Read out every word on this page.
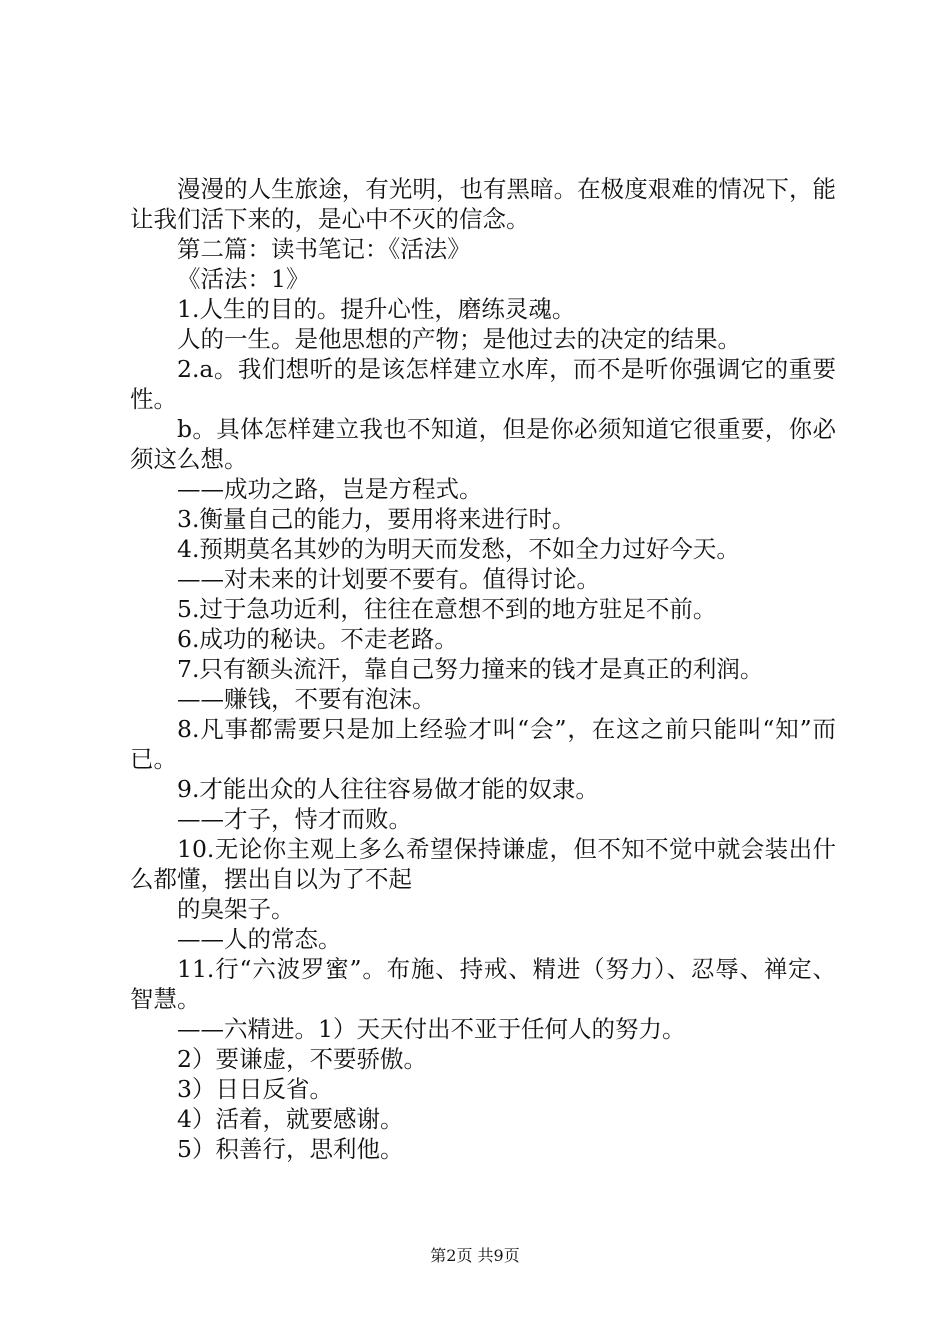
漫漫的人生旅途，有光明，也有黑暗。在极度艰难的情况下，能让我们活下来的，是心中不灭的信念。

第二篇：读书笔记：《活法》

《活法：1》

1.人生的目的。提升心性，磨练灵魂。

人的一生。是他思想的产物；是他过去的决定的结果。

2.a。我们想听的是该怎样建立水库，而不是听你强调它的重要性。

b。具体怎样建立我也不知道，但是你必须知道它很重要，你必须这么想。

——成功之路，岂是方程式。

3.衡量自己的能力，要用将来进行时。

4.预期莫名其妙的为明天而发愁，不如全力过好今天。

——对未来的计划要不要有。值得讨论。

5.过于急功近利，往往在意想不到的地方驻足不前。

6.成功的秘诀。不走老路。

7.只有额头流汗，靠自己努力撞来的钱才是真正的利润。

——赚钱，不要有泡沫。

8.凡事都需要只是加上经验才叫“会”，在这之前只能叫“知”而已。

9.才能出众的人往往容易做才能的奴隶。

——才子，恃才而败。

10.无论你主观上多么希望保持谦虚，但不知不觉中就会装出什么都懂，摆出自以为了不起

的臭架子。

——人的常态。

11.行“六波罗蜜”。布施、持戒、精进（努力）、忍辱、禅定、智慧。

——六精进。1）天天付出不亚于任何人的努力。

2）要谦虚，不要骄傲。

3）日日反省。

4）活着，就要感谢。

5）积善行，思利他。

第2页 共9页
